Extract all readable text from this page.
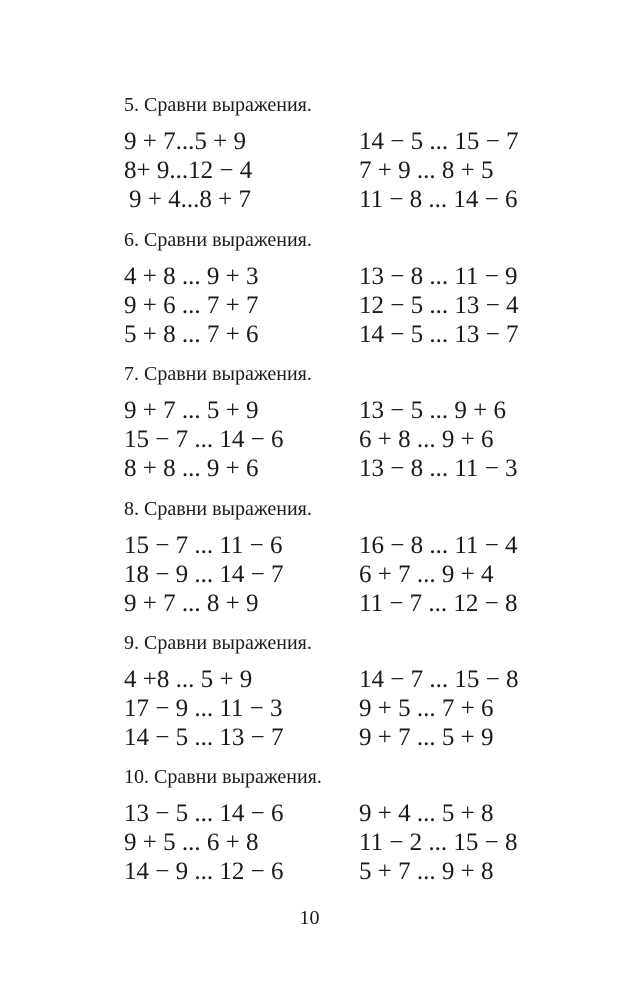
5. Сравни выражения.
9 + 7...5 + 9	14 − 5 ... 15 − 7
8+ 9...12 − 4	7 + 9 ... 8 + 5
9 + 4...8 + 7	11 − 8 ... 14 − 6
6. Сравни выражения.
4 + 8 ... 9 + 3	13 − 8 ... 11 − 9
9 + 6 ... 7 + 7	12 − 5 ... 13 − 4
5 + 8 ... 7 + 6	14 − 5 ... 13 − 7
7. Сравни выражения.
9 + 7 ... 5 + 9	13 − 5 ... 9 + 6
15 − 7 ... 14 − 6	6 + 8 ... 9 + 6
8 + 8 ... 9 + 6	13 − 8 ... 11 − 3
8. Сравни выражения.
15 − 7 ... 11 − 6	16 − 8 ... 11 − 4
18 − 9 ... 14 − 7	6 + 7 ... 9 + 4
9 + 7 ... 8 + 9	11 − 7 ... 12 − 8
9. Сравни выражения.
4 +8 ... 5 + 9	14 − 7 ... 15 − 8
17 − 9 ... 11 − 3	9 + 5 ... 7 + 6
14 − 5 ... 13 − 7	9 + 7 ... 5 + 9
10. Сравни выражения.
13 − 5 ... 14 − 6	9 + 4 ... 5 + 8
9 + 5 ... 6 + 8	11 − 2 ... 15 − 8
14 − 9 ... 12 − 6	5 + 7 ... 9 + 8
10
